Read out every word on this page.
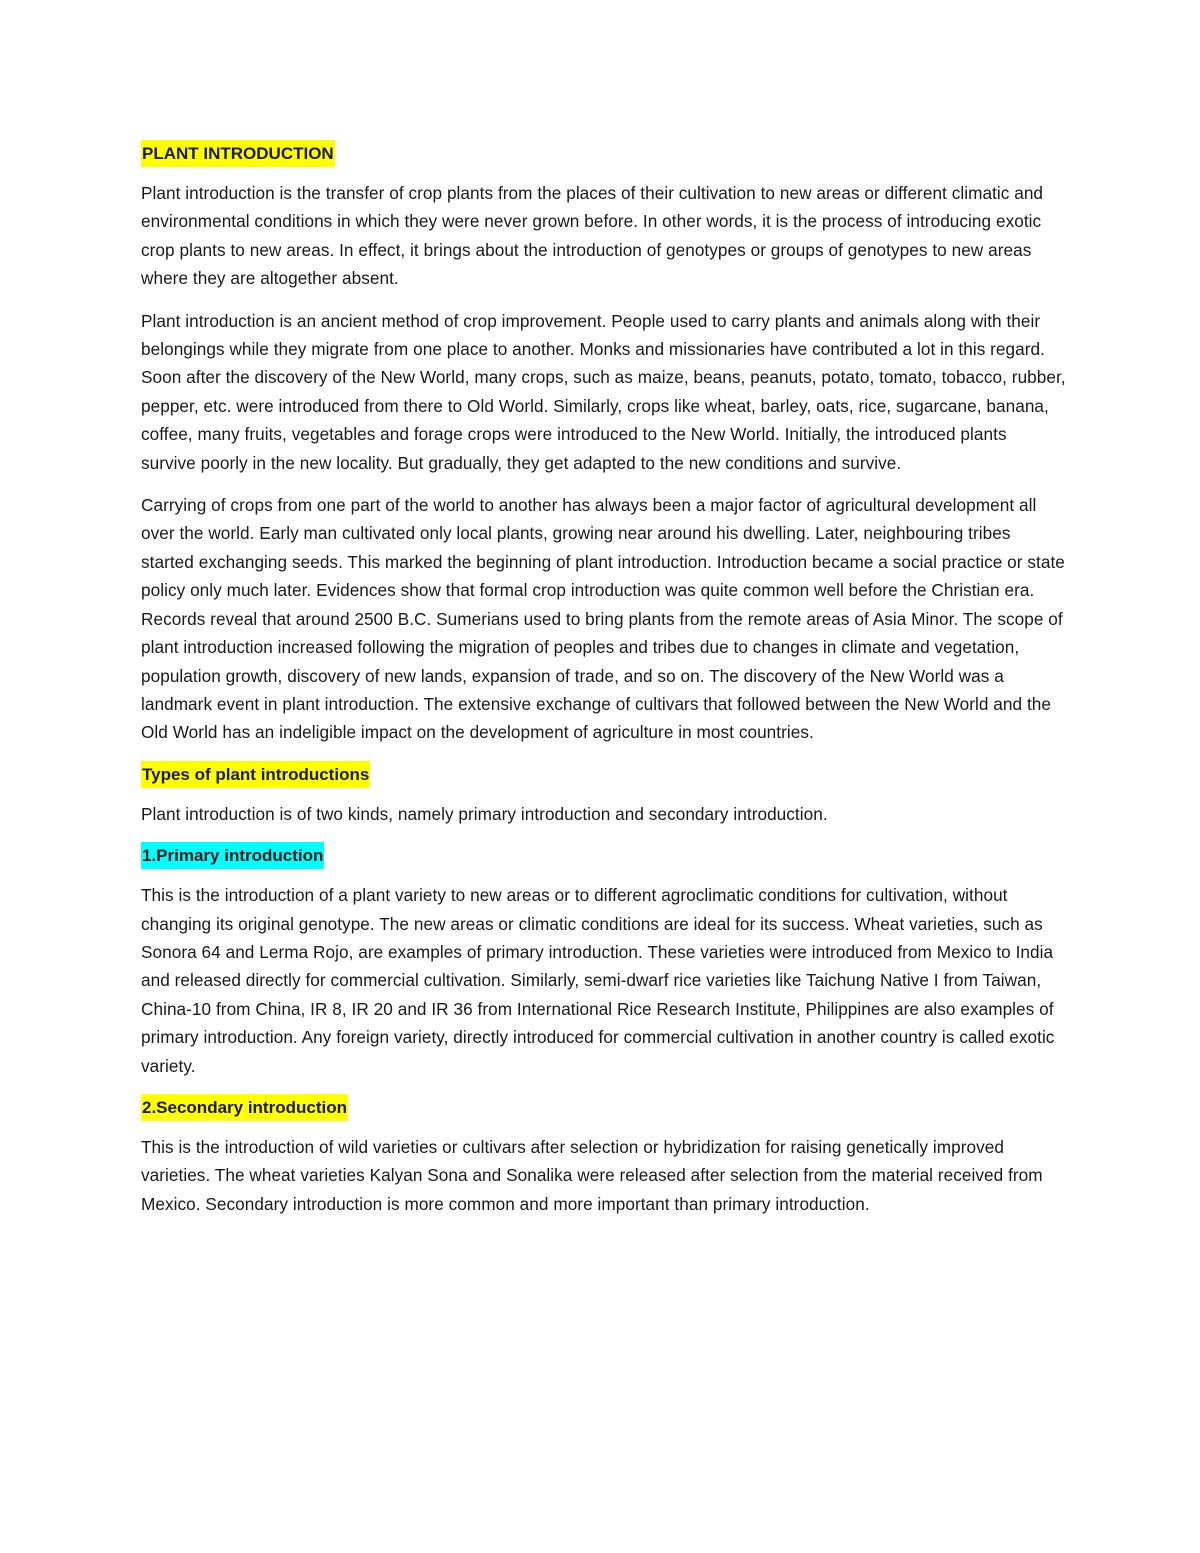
PLANT INTRODUCTION

Plant introduction is the transfer of crop plants from the places of their cultivation to new areas or different climatic and environmental conditions in which they were never grown before. In other words, it is the process of introducing exotic crop plants to new areas. In effect, it brings about the introduction of genotypes or groups of genotypes to new areas where they are altogether absent.

Plant introduction is an ancient method of crop improvement. People used to carry plants and animals along with their belongings while they migrate from one place to another. Monks and missionaries have contributed a lot in this regard. Soon after the discovery of the New World, many crops, such as maize, beans, peanuts, potato, tomato, tobacco, rubber, pepper, etc. were introduced from there to Old World. Similarly, crops like wheat, barley, oats, rice, sugarcane, banana, coffee, many fruits, vegetables and forage crops were introduced to the New World. Initially, the introduced plants survive poorly in the new locality. But gradually, they get adapted to the new conditions and survive.

Carrying of crops from one part of the world to another has always been a major factor of agricultural development all over the world. Early man cultivated only local plants, growing near around his dwelling. Later, neighbouring tribes started exchanging seeds. This marked the beginning of plant introduction. Introduction became a social practice or state policy only much later. Evidences show that formal crop introduction was quite common well before the Christian era. Records reveal that around 2500 B.C. Sumerians used to bring plants from the remote areas of Asia Minor. The scope of plant introduction increased following the migration of peoples and tribes due to changes in climate and vegetation, population growth, discovery of new lands, expansion of trade, and so on. The discovery of the New World was a landmark event in plant introduction. The extensive exchange of cultivars that followed between the New World and the Old World has an indeligible impact on the development of agriculture in most countries.

Types of plant introductions

Plant introduction is of two kinds, namely primary introduction and secondary introduction.

1.Primary introduction

This is the introduction of a plant variety to new areas or to different agroclimatic conditions for cultivation, without changing its original genotype. The new areas or climatic conditions are ideal for its success. Wheat varieties, such as Sonora 64 and Lerma Rojo, are examples of primary introduction. These varieties were introduced from Mexico to India and released directly for commercial cultivation. Similarly, semi-dwarf rice varieties like Taichung Native I from Taiwan, China-10 from China, IR 8, IR 20 and IR 36 from International Rice Research Institute, Philippines are also examples of primary introduction. Any foreign variety, directly introduced for commercial cultivation in another country is called exotic variety.

2.Secondary introduction

This is the introduction of wild varieties or cultivars after selection or hybridization for raising genetically improved varieties. The wheat varieties Kalyan Sona and Sonalika were released after selection from the material received from Mexico. Secondary introduction is more common and more important than primary introduction.
